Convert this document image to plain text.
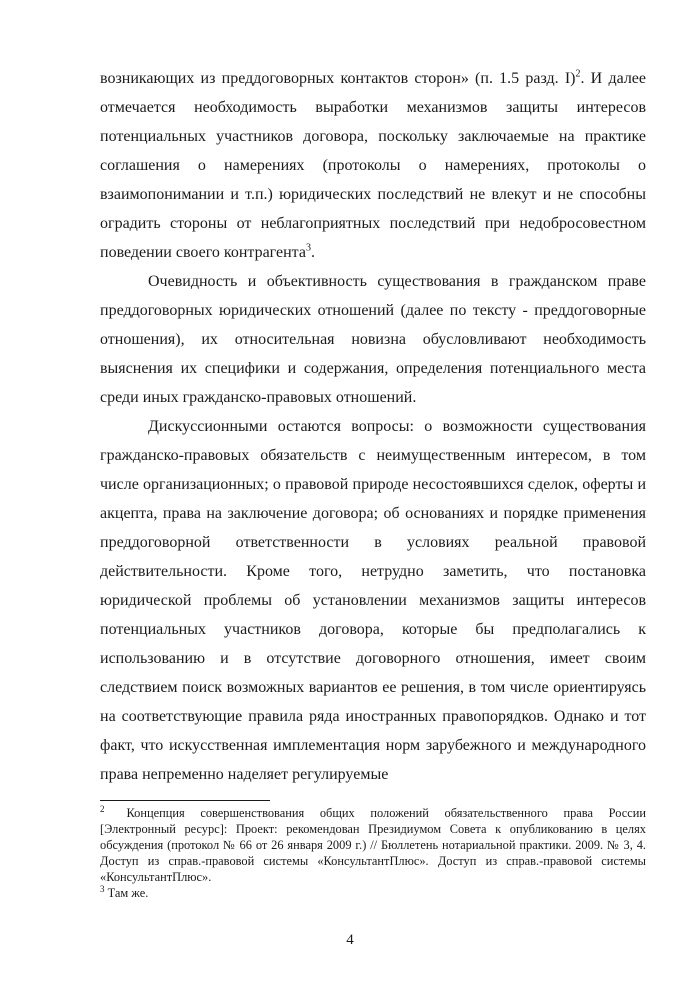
возникающих из преддоговорных контактов сторон» (п. 1.5 разд. I)$^2$. И далее отмечается необходимость выработки механизмов защиты интересов потенциальных участников договора, поскольку заключаемые на практике соглашения о намерениях (протоколы о намерениях, протоколы о взаимопонимании и т.п.) юридических последствий не влекут и не способны оградить стороны от неблагоприятных последствий при недобросовестном поведении своего контрагента$^3$.

Очевидность и объективность существования в гражданском праве преддоговорных юридических отношений (далее по тексту - преддоговорные отношения), их относительная новизна обусловливают необходимость выяснения их специфики и содержания, определения потенциального места среди иных гражданско-правовых отношений.

Дискуссионными остаются вопросы: о возможности существования гражданско-правовых обязательств с неимущественным интересом, в том числе организационных; о правовой природе несостоявшихся сделок, оферты и акцепта, права на заключение договора; об основаниях и порядке применения преддоговорной ответственности в условиях реальной правовой действительности. Кроме того, нетрудно заметить, что постановка юридической проблемы об установлении механизмов защиты интересов потенциальных участников договора, которые бы предполагались к использованию и в отсутствие договорного отношения, имеет своим следствием поиск возможных вариантов ее решения, в том числе ориентируясь на соответствующие правила ряда иностранных правопорядков. Однако и тот факт, что искусственная имплементация норм зарубежного и международного права непременно наделяет регулируемые

$^2$ Концепция совершенствования общих положений обязательственного права России [Электронный ресурс]: Проект: рекомендован Президиумом Совета к опубликованию в целях обсуждения (протокол № 66 от 26 января 2009 г.) // Бюллетень нотариальной практики. 2009. № 3, 4. Доступ из справ.-правовой системы «КонсультантПлюс». Доступ из справ.-правовой системы «КонсультантПлюс».

$^3$ Там же.

4
